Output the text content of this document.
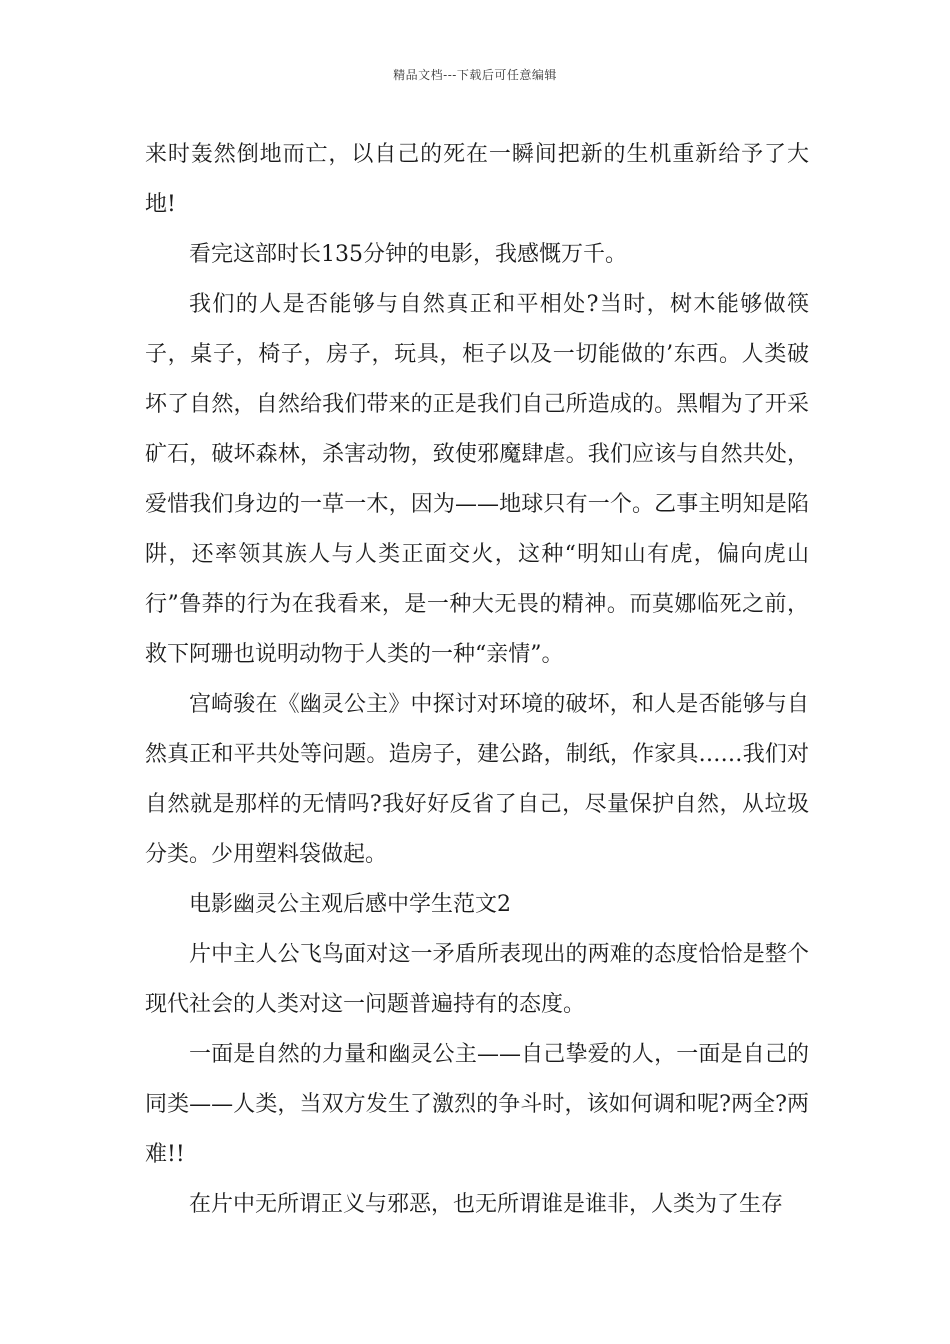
精品文档---下载后可任意编辑

来时轰然倒地而亡，以自己的死在一瞬间把新的生机重新给予了大地!

看完这部时长135分钟的电影，我感慨万千。

我们的人是否能够与自然真正和平相处?当时，树木能够做筷子，桌子，椅子，房子，玩具，柜子以及一切能做的’东西。人类破坏了自然，自然给我们带来的正是我们自己所造成的。黑帽为了开采矿石，破坏森林，杀害动物，致使邪魔肆虐。我们应该与自然共处，爱惜我们身边的一草一木，因为——地球只有一个。乙事主明知是陷阱，还率领其族人与人类正面交火，这种“明知山有虎，偏向虎山行”鲁莽的行为在我看来，是一种大无畏的精神。而莫娜临死之前，救下阿珊也说明动物于人类的一种“亲情”。

宫崎骏在《幽灵公主》中探讨对环境的破坏，和人是否能够与自然真正和平共处等问题。造房子，建公路，制纸，作家具……我们对自然就是那样的无情吗?我好好反省了自己，尽量保护自然，从垃圾分类。少用塑料袋做起。

电影幽灵公主观后感中学生范文2

片中主人公飞鸟面对这一矛盾所表现出的两难的态度恰恰是整个现代社会的人类对这一问题普遍持有的态度。

一面是自然的力量和幽灵公主——自己挚爱的人，一面是自己的同类——人类，当双方发生了激烈的争斗时，该如何调和呢?两全?两难!!

在片中无所谓正义与邪恶，也无所谓谁是谁非，人类为了生存
